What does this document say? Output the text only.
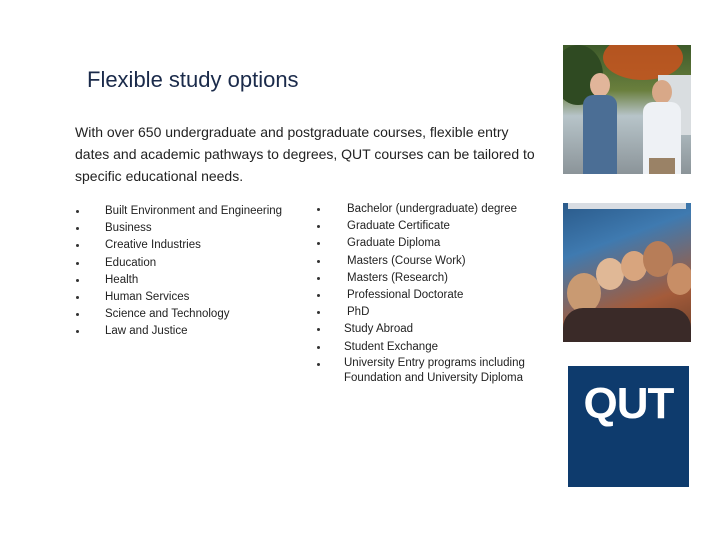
Flexible study options
With over 650 undergraduate and postgraduate courses, flexible entry dates and academic pathways to degrees, QUT courses can be tailored to specific educational needs.
Built Environment and Engineering
Business
Creative Industries
Education
Health
Human Services
Science and Technology
Law and Justice
Bachelor (undergraduate) degree
Graduate Certificate
Graduate Diploma
Masters (Course Work)
Masters (Research)
Professional Doctorate
PhD
Study Abroad
Student Exchange
University Entry programs including Foundation and University Diploma
QUT
